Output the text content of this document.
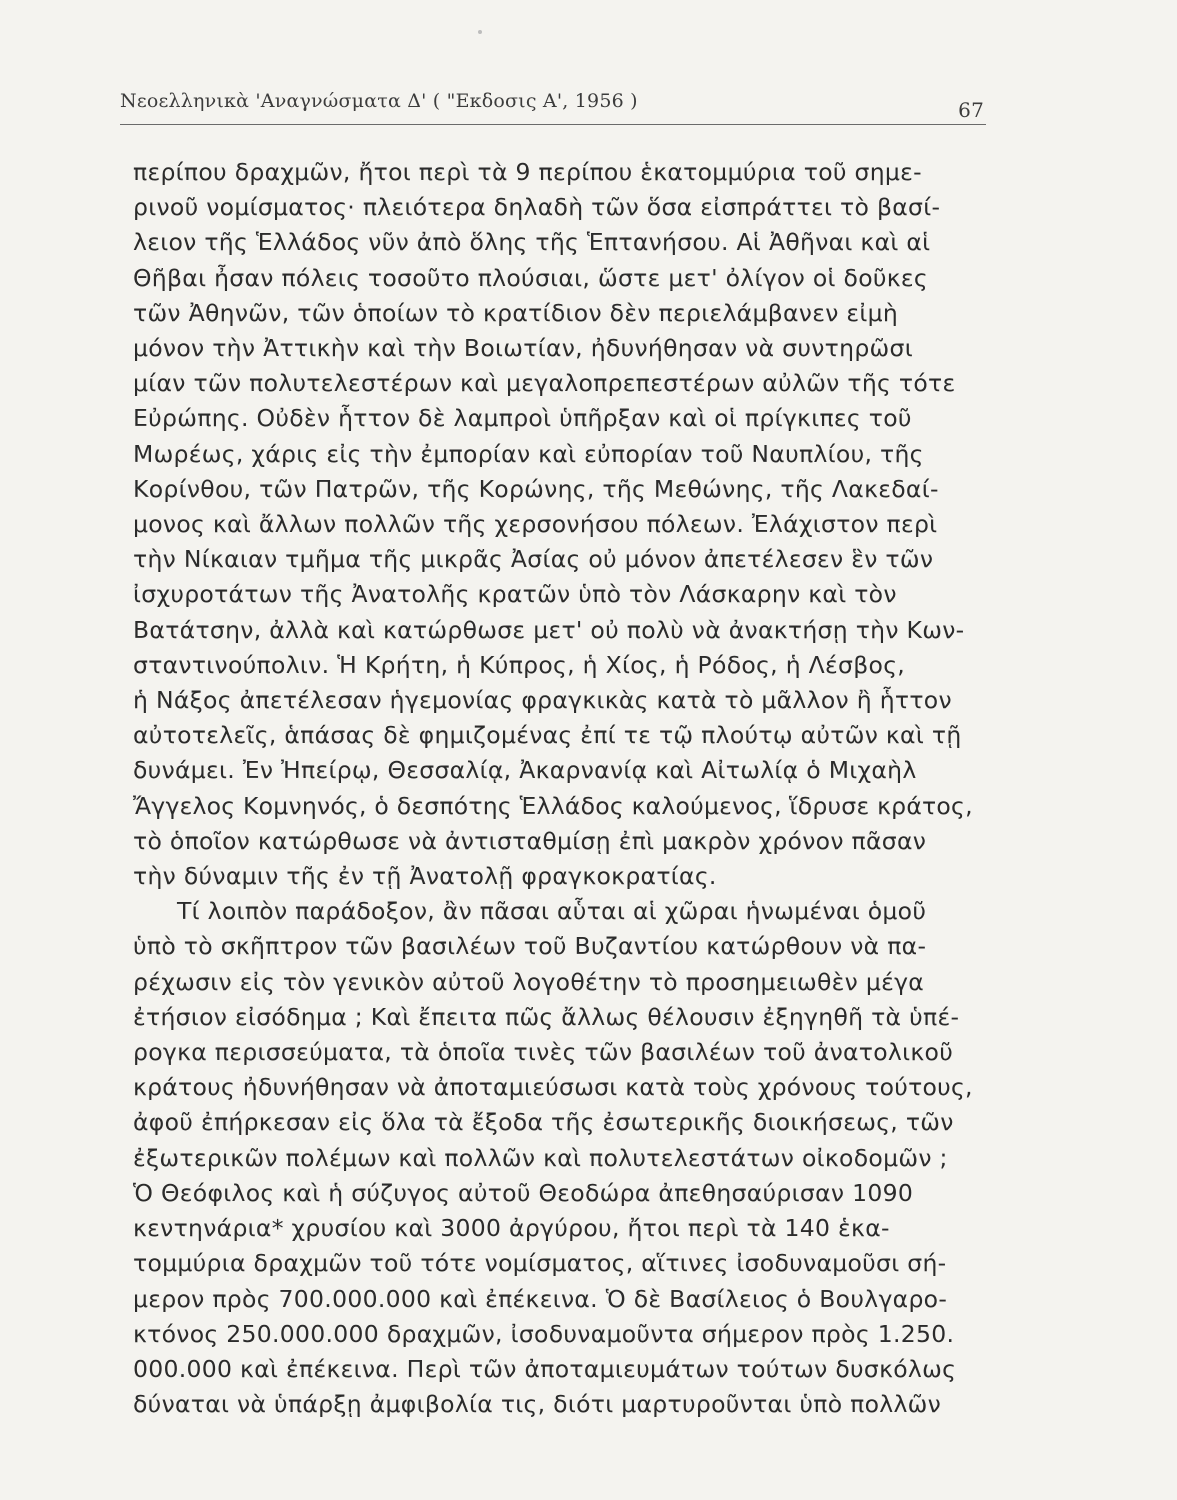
Νεοελληνικὰ 'Αναγνώσματα Δ' ( "Εκδοσις Α', 1956 )	67
περίπου δραχμῶν, ἤτοι περὶ τὰ 9 περίπου ἑκατομμύρια τοῦ σημε-
ρινοῦ νομίσματος· πλειότερα δηλαδὴ τῶν ὅσα εἰσπράττει τὸ βασί-
λειον τῆς Ἑλλάδος νῦν ἀπὸ ὅλης τῆς Ἑπτανήσου. Αἱ Ἀθῆναι καὶ αἱ
Θῆβαι ἦσαν πόλεις τοσοῦτο πλούσιαι, ὥστε μετ' ὀλίγον οἱ δοῦκες
τῶν Ἀθηνῶν, τῶν ὁποίων τὸ κρατίδιον δὲν περιελάμβανεν εἰμὴ
μόνον τὴν Ἀττικὴν καὶ τὴν Βοιωτίαν, ἠδυνήθησαν νὰ συντηρῶσι
μίαν τῶν πολυτελεστέρων καὶ μεγαλοπρεπεστέρων αὐλῶν τῆς τότε
Εὐρώπης. Οὐδὲν ἧττον δὲ λαμπροὶ ὑπῆρξαν καὶ οἱ πρίγκιπες τοῦ
Μωρέως, χάρις εἰς τὴν ἐμπορίαν καὶ εὐπορίαν τοῦ Ναυπλίου, τῆς
Κορίνθου, τῶν Πατρῶν, τῆς Κορώνης, τῆς Μεθώνης, τῆς Λακεδαί-
μονος καὶ ἄλλων πολλῶν τῆς χερσονήσου πόλεων. Ἐλάχιστον περὶ
τὴν Νίκαιαν τμῆμα τῆς μικρᾶς Ἀσίας οὐ μόνον ἀπετέλεσεν ἓν τῶν
ἰσχυροτάτων τῆς Ἀνατολῆς κρατῶν ὑπὸ τὸν Λάσκαρην καὶ τὸν
Βατάτσην, ἀλλὰ καὶ κατώρθωσε μετ' οὐ πολὺ νὰ ἀνακτήσῃ τὴν Κων-
σταντινούπολιν. Ἡ Κρήτη, ἡ Κύπρος, ἡ Χίος, ἡ Ρόδος, ἡ Λέσβος,
ἡ Νάξος ἀπετέλεσαν ἡγεμονίας φραγκικὰς κατὰ τὸ μᾶλλον ἢ ἧττον
αὐτοτελεῖς, ἁπάσας δὲ φημιζομένας ἐπί τε τῷ πλούτῳ αὐτῶν καὶ τῇ
δυνάμει. Ἐν Ἠπείρῳ, Θεσσαλίᾳ, Ἀκαρνανίᾳ καὶ Αἰτωλίᾳ ὁ Μιχαὴλ
Ἄγγελος Κομνηνός, ὁ δεσπότης Ἑλλάδος καλούμενος, ἵδρυσε κράτος,
τὸ ὁποῖον κατώρθωσε νὰ ἀντισταθμίσῃ ἐπὶ μακρὸν χρόνον πᾶσαν
τὴν δύναμιν τῆς ἐν τῇ Ἀνατολῇ φραγκοκρατίας.
Τί λοιπὸν παράδοξον, ἂν πᾶσαι αὗται αἱ χῶραι ἡνωμέναι ὁμοῦ
ὑπὸ τὸ σκῆπτρον τῶν βασιλέων τοῦ Βυζαντίου κατώρθουν νὰ πα-
ρέχωσιν εἰς τὸν γενικὸν αὐτοῦ λογοθέτην τὸ προσημειωθὲν μέγα
ἐτήσιον εἰσόδημα ; Καὶ ἔπειτα πῶς ἄλλως θέλουσιν ἐξηγηθῆ τὰ ὑπέ-
ρογκα περισσεύματα, τὰ ὁποῖα τινὲς τῶν βασιλέων τοῦ ἀνατολικοῦ
κράτους ἠδυνήθησαν νὰ ἀποταμιεύσωσι κατὰ τοὺς χρόνους τούτους,
ἀφοῦ ἐπήρκεσαν εἰς ὅλα τὰ ἔξοδα τῆς ἐσωτερικῆς διοικήσεως, τῶν
ἐξωτερικῶν πολέμων καὶ πολλῶν καὶ πολυτελεστάτων οἰκοδομῶν ;
Ὁ Θεόφιλος καὶ ἡ σύζυγος αὐτοῦ Θεοδώρα ἀπεθησαύρισαν 1090
κεντηνάρια* χρυσίου καὶ 3000 ἀργύρου, ἤτοι περὶ τὰ 140 ἑκα-
τομμύρια δραχμῶν τοῦ τότε νομίσματος, αἵτινες ἰσοδυναμοῦσι σή-
μερον πρὸς 700.000.000 καὶ ἐπέκεινα. Ὁ δὲ Βασίλειος ὁ Βουλγαρο-
κτόνος 250.000.000 δραχμῶν, ἰσοδυναμοῦντα σήμερον πρὸς 1.250.
000.000 καὶ ἐπέκεινα. Περὶ τῶν ἀποταμιευμάτων τούτων δυσκόλως
δύναται νὰ ὑπάρξῃ ἀμφιβολία τις, διότι μαρτυροῦνται ὑπὸ πολλῶν
